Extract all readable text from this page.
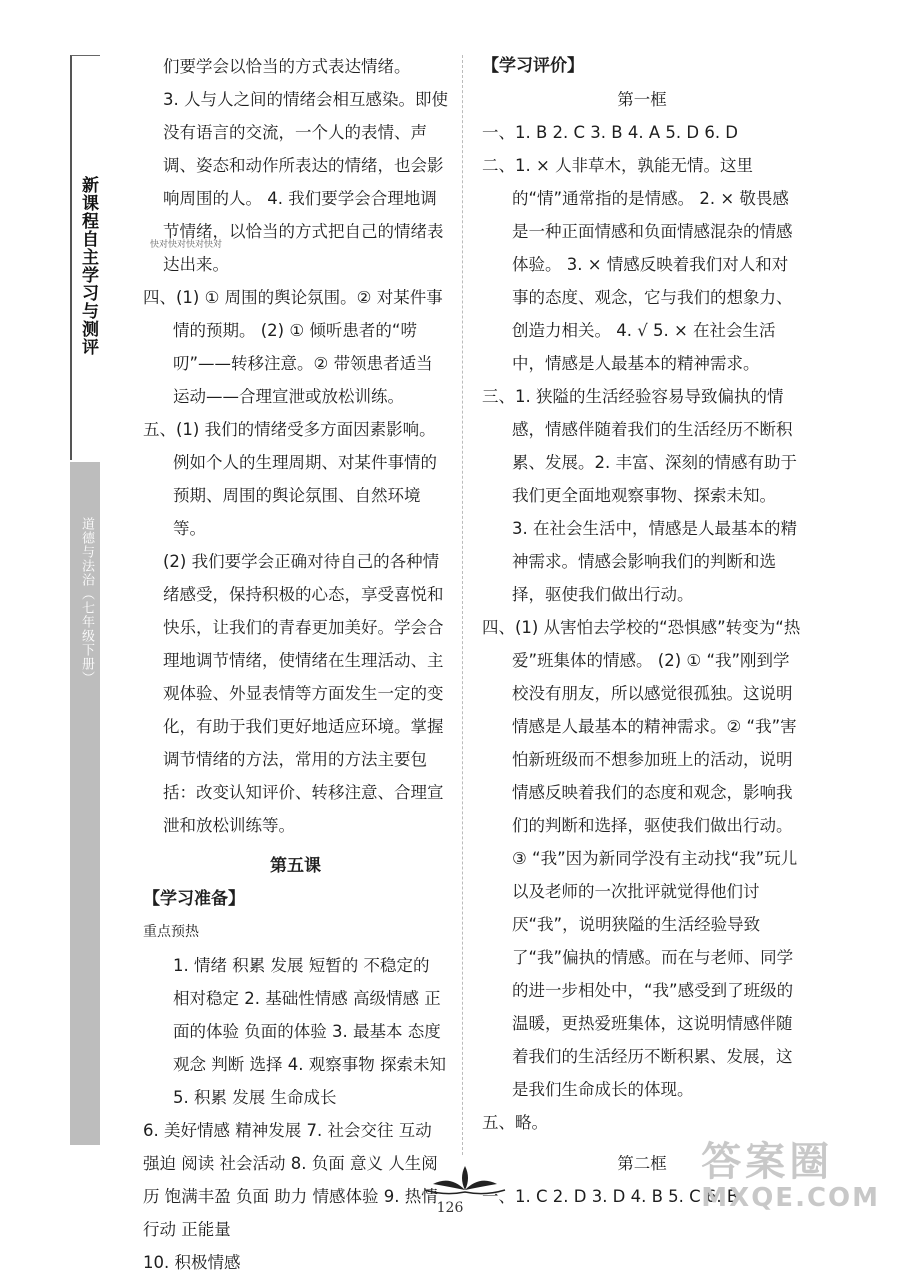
新课程自主学习与测评
道德与法治（七年级下册）

们要学会以恰当的方式表达情绪。

3. 人与人之间的情绪会相互感染。即使没有语言的交流，一个人的表情、声调、姿态和动作所表达的情绪，也会影响周围的人。 4. 我们要学会合理地调节情绪，以恰当的方式把自己的情绪表达出来。

四、(1) ① 周围的舆论氛围。② 对某件事情的预期。 (2) ① 倾听患者的“唠叨”——转移注意。② 带领患者适当运动——合理宣泄或放松训练。

五、(1) 我们的情绪受多方面因素影响。例如个人的生理周期、对某件事情的预期、周围的舆论氛围、自然环境等。

(2) 我们要学会正确对待自己的各种情绪感受，保持积极的心态，享受喜悦和快乐，让我们的青春更加美好。学会合理地调节情绪，使情绪在生理活动、主观体验、外显表情等方面发生一定的变化，有助于我们更好地适应环境。掌握调节情绪的方法，常用的方法主要包括：改变认知评价、转移注意、合理宣泄和放松训练等。

第五课

【学习准备】

重点预热

1. 情绪 积累 发展 短暂的 不稳定的 相对稳定 2. 基础性情感 高级情感 正面的体验 负面的体验 3. 最基本 态度 观念 判断 选择 4. 观察事物 探索未知 5. 积累 发展 生命成长

6. 美好情感 精神发展 7. 社会交往 互动 强迫 阅读 社会活动 8. 负面 意义 人生阅历 饱满丰盈 负面 助力 情感体验 9. 热情 行动 正能量

10. 积极情感

快对快对快对快对

【学习评价】

第一框

一、1. B 2. C 3. B 4. A 5. D 6. D

二、1. × 人非草木，孰能无情。这里的“情”通常指的是情感。 2. × 敬畏感是一种正面情感和负面情感混杂的情感体验。 3. × 情感反映着我们对人和对事的态度、观念，它与我们的想象力、创造力相关。 4. √ 5. × 在社会生活中，情感是人最基本的精神需求。

三、1. 狭隘的生活经验容易导致偏执的情感，情感伴随着我们的生活经历不断积累、发展。2. 丰富、深刻的情感有助于我们更全面地观察事物、探索未知。

3. 在社会生活中，情感是人最基本的精神需求。情感会影响我们的判断和选择，驱使我们做出行动。

四、(1) 从害怕去学校的“恐惧感”转变为“热爱”班集体的情感。 (2) ① “我”刚到学校没有朋友，所以感觉很孤独。这说明情感是人最基本的精神需求。② “我”害怕新班级而不想参加班上的活动，说明情感反映着我们的态度和观念，影响我们的判断和选择，驱使我们做出行动。③ “我”因为新同学没有主动找“我”玩儿以及老师的一次批评就觉得他们讨厌“我”，说明狭隘的生活经验导致了“我”偏执的情感。而在与老师、同学的进一步相处中，“我”感受到了班级的温暖，更热爱班集体，这说明情感伴随着我们的生活经历不断积累、发展，这是我们生命成长的体现。

五、略。

第二框

一、1. C 2. D 3. D 4. B 5. C 6. B

126
答案圈
MXQE.COM
